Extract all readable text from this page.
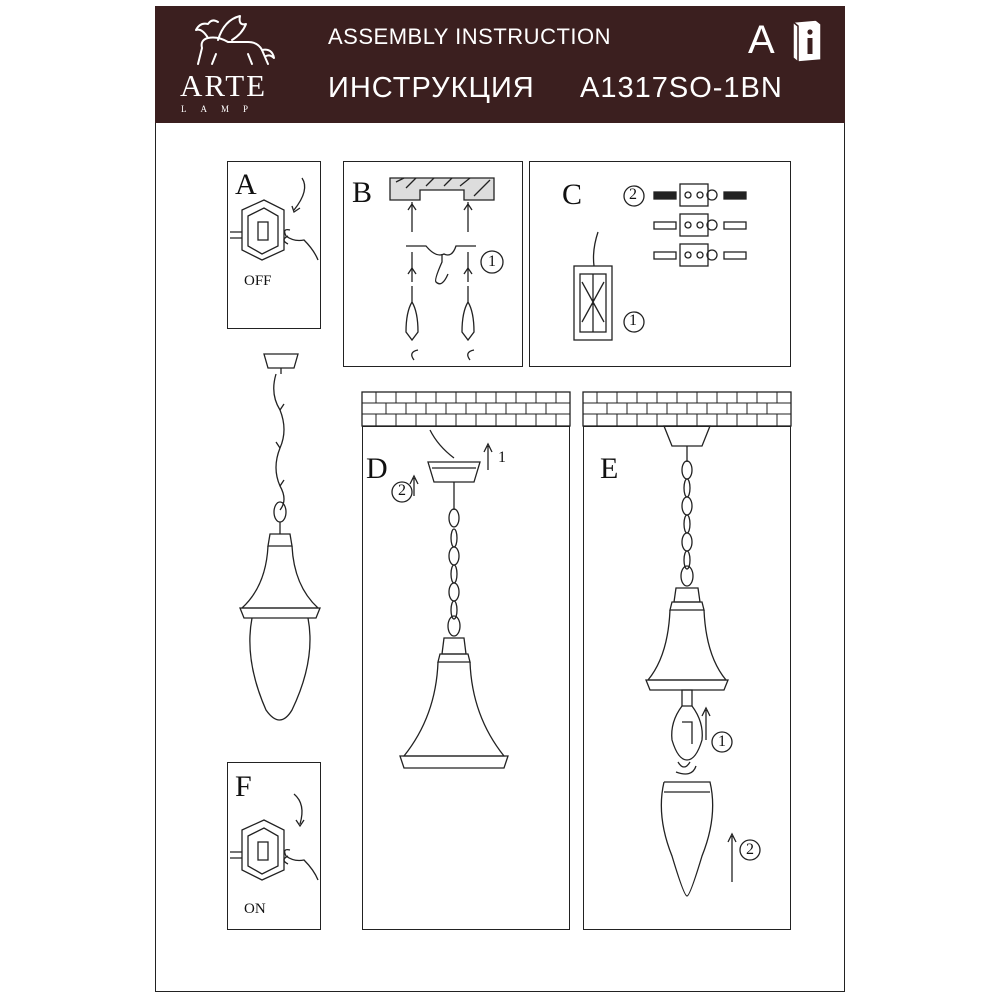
ARTE
LAMP
ASSEMBLY INSTRUCTION
ИНСТРУКЦИЯ A1317SO-1BN
A
A
OFF
B
1
C	2
1
F
ON
D	1
2
E
1
2
